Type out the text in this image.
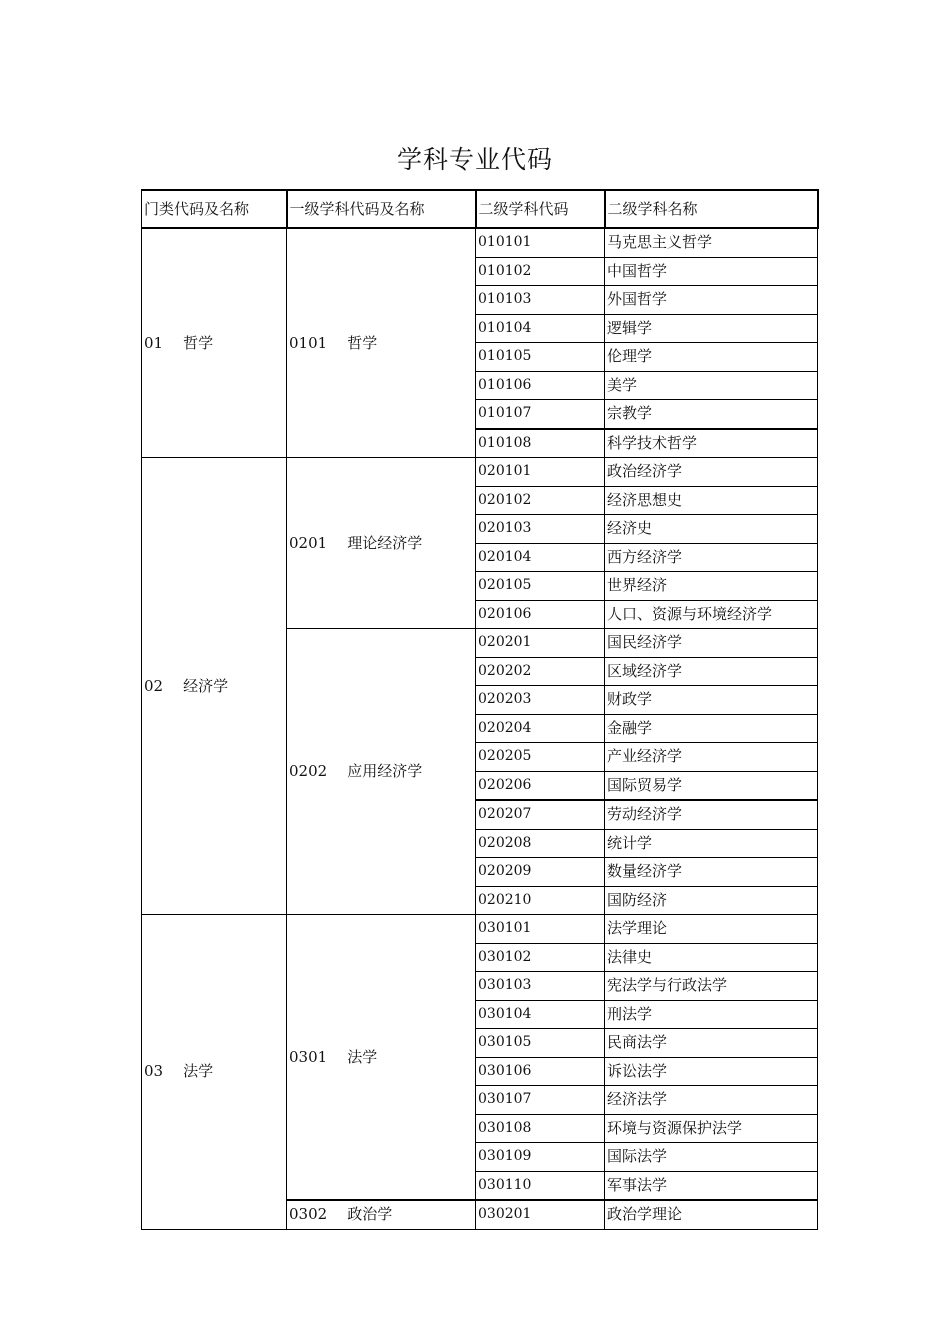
学科专业代码
门类代码及名称	一级学科代码及名称	二级学科代码	二级学科名称
01 哲学	0101 哲学	010101	马克思主义哲学
		010102	中国哲学
		010103	外国哲学
		010104	逻辑学
		010105	伦理学
		010106	美学
		010107	宗教学
		010108	科学技术哲学
02 经济学	0201 理论经济学	020101	政治经济学
		020102	经济思想史
		020103	经济史
		020104	西方经济学
		020105	世界经济
		020106	人口、资源与环境经济学
	0202 应用经济学	020201	国民经济学
		020202	区域经济学
		020203	财政学
		020204	金融学
		020205	产业经济学
		020206	国际贸易学
		020207	劳动经济学
		020208	统计学
		020209	数量经济学
		020210	国防经济
03 法学	0301 法学	030101	法学理论
		030102	法律史
		030103	宪法学与行政法学
		030104	刑法学
		030105	民商法学
		030106	诉讼法学
		030107	经济法学
		030108	环境与资源保护法学
		030109	国际法学
		030110	军事法学
	0302 政治学	030201	政治学理论
